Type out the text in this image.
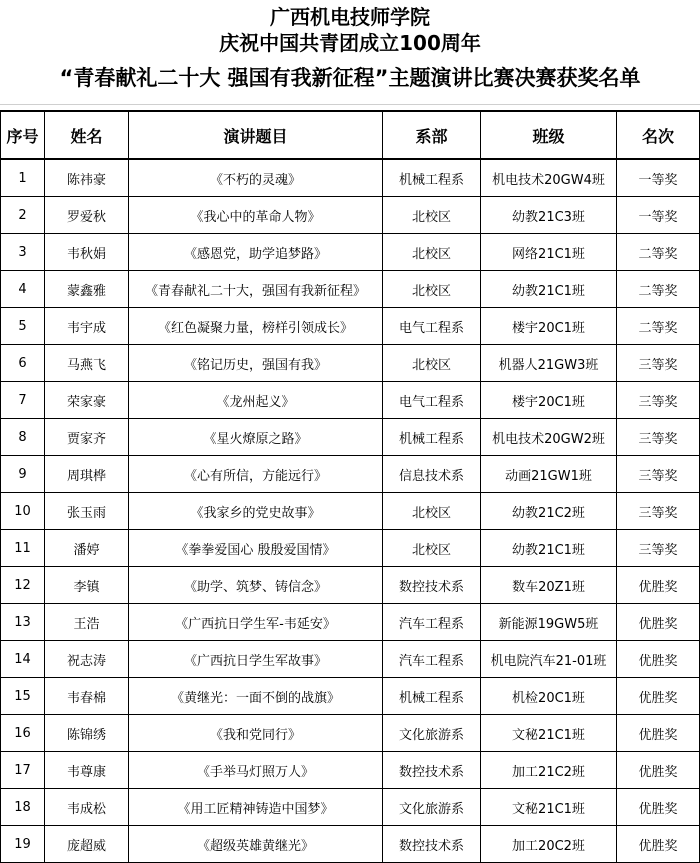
广西机电技师学院
庆祝中国共青团成立100周年
“青春献礼二十大 强国有我新征程”主题演讲比赛决赛获奖名单
序号	姓名	演讲题目	系部	班级	名次
1	陈祎豪	《不朽的灵魂》	机械工程系	机电技术20GW4班	一等奖
2	罗爱秋	《我心中的革命人物》	北校区	幼教21C3班	一等奖
3	韦秋娟	《感恩党，助学追梦路》	北校区	网络21C1班	二等奖
4	蒙鑫雅	《青春献礼二十大，强国有我新征程》	北校区	幼教21C1班	二等奖
5	韦宇成	《红色凝聚力量，榜样引领成长》	电气工程系	楼宇20C1班	二等奖
6	马燕飞	《铭记历史，强国有我》	北校区	机器人21GW3班	三等奖
7	荣家豪	《龙州起义》	电气工程系	楼宇20C1班	三等奖
8	贾家齐	《星火燎原之路》	机械工程系	机电技术20GW2班	三等奖
9	周琪桦	《心有所信，方能远行》	信息技术系	动画21GW1班	三等奖
10	张玉雨	《我家乡的党史故事》	北校区	幼教21C2班	三等奖
11	潘婷	《拳拳爱国心 殷殷爱国情》	北校区	幼教21C1班	三等奖
12	李镇	《助学、筑梦、铸信念》	数控技术系	数车20Z1班	优胜奖
13	王浩	《广西抗日学生军-韦延安》	汽车工程系	新能源19GW5班	优胜奖
14	祝志涛	《广西抗日学生军故事》	汽车工程系	机电院汽车21-01班	优胜奖
15	韦春棉	《黄继光：一面不倒的战旗》	机械工程系	机检20C1班	优胜奖
16	陈锦绣	《我和党同行》	文化旅游系	文秘21C1班	优胜奖
17	韦尊康	《手举马灯照万人》	数控技术系	加工21C2班	优胜奖
18	韦成松	《用工匠精神铸造中国梦》	文化旅游系	文秘21C1班	优胜奖
19	庞超威	《超级英雄黄继光》	数控技术系	加工20C2班	优胜奖
